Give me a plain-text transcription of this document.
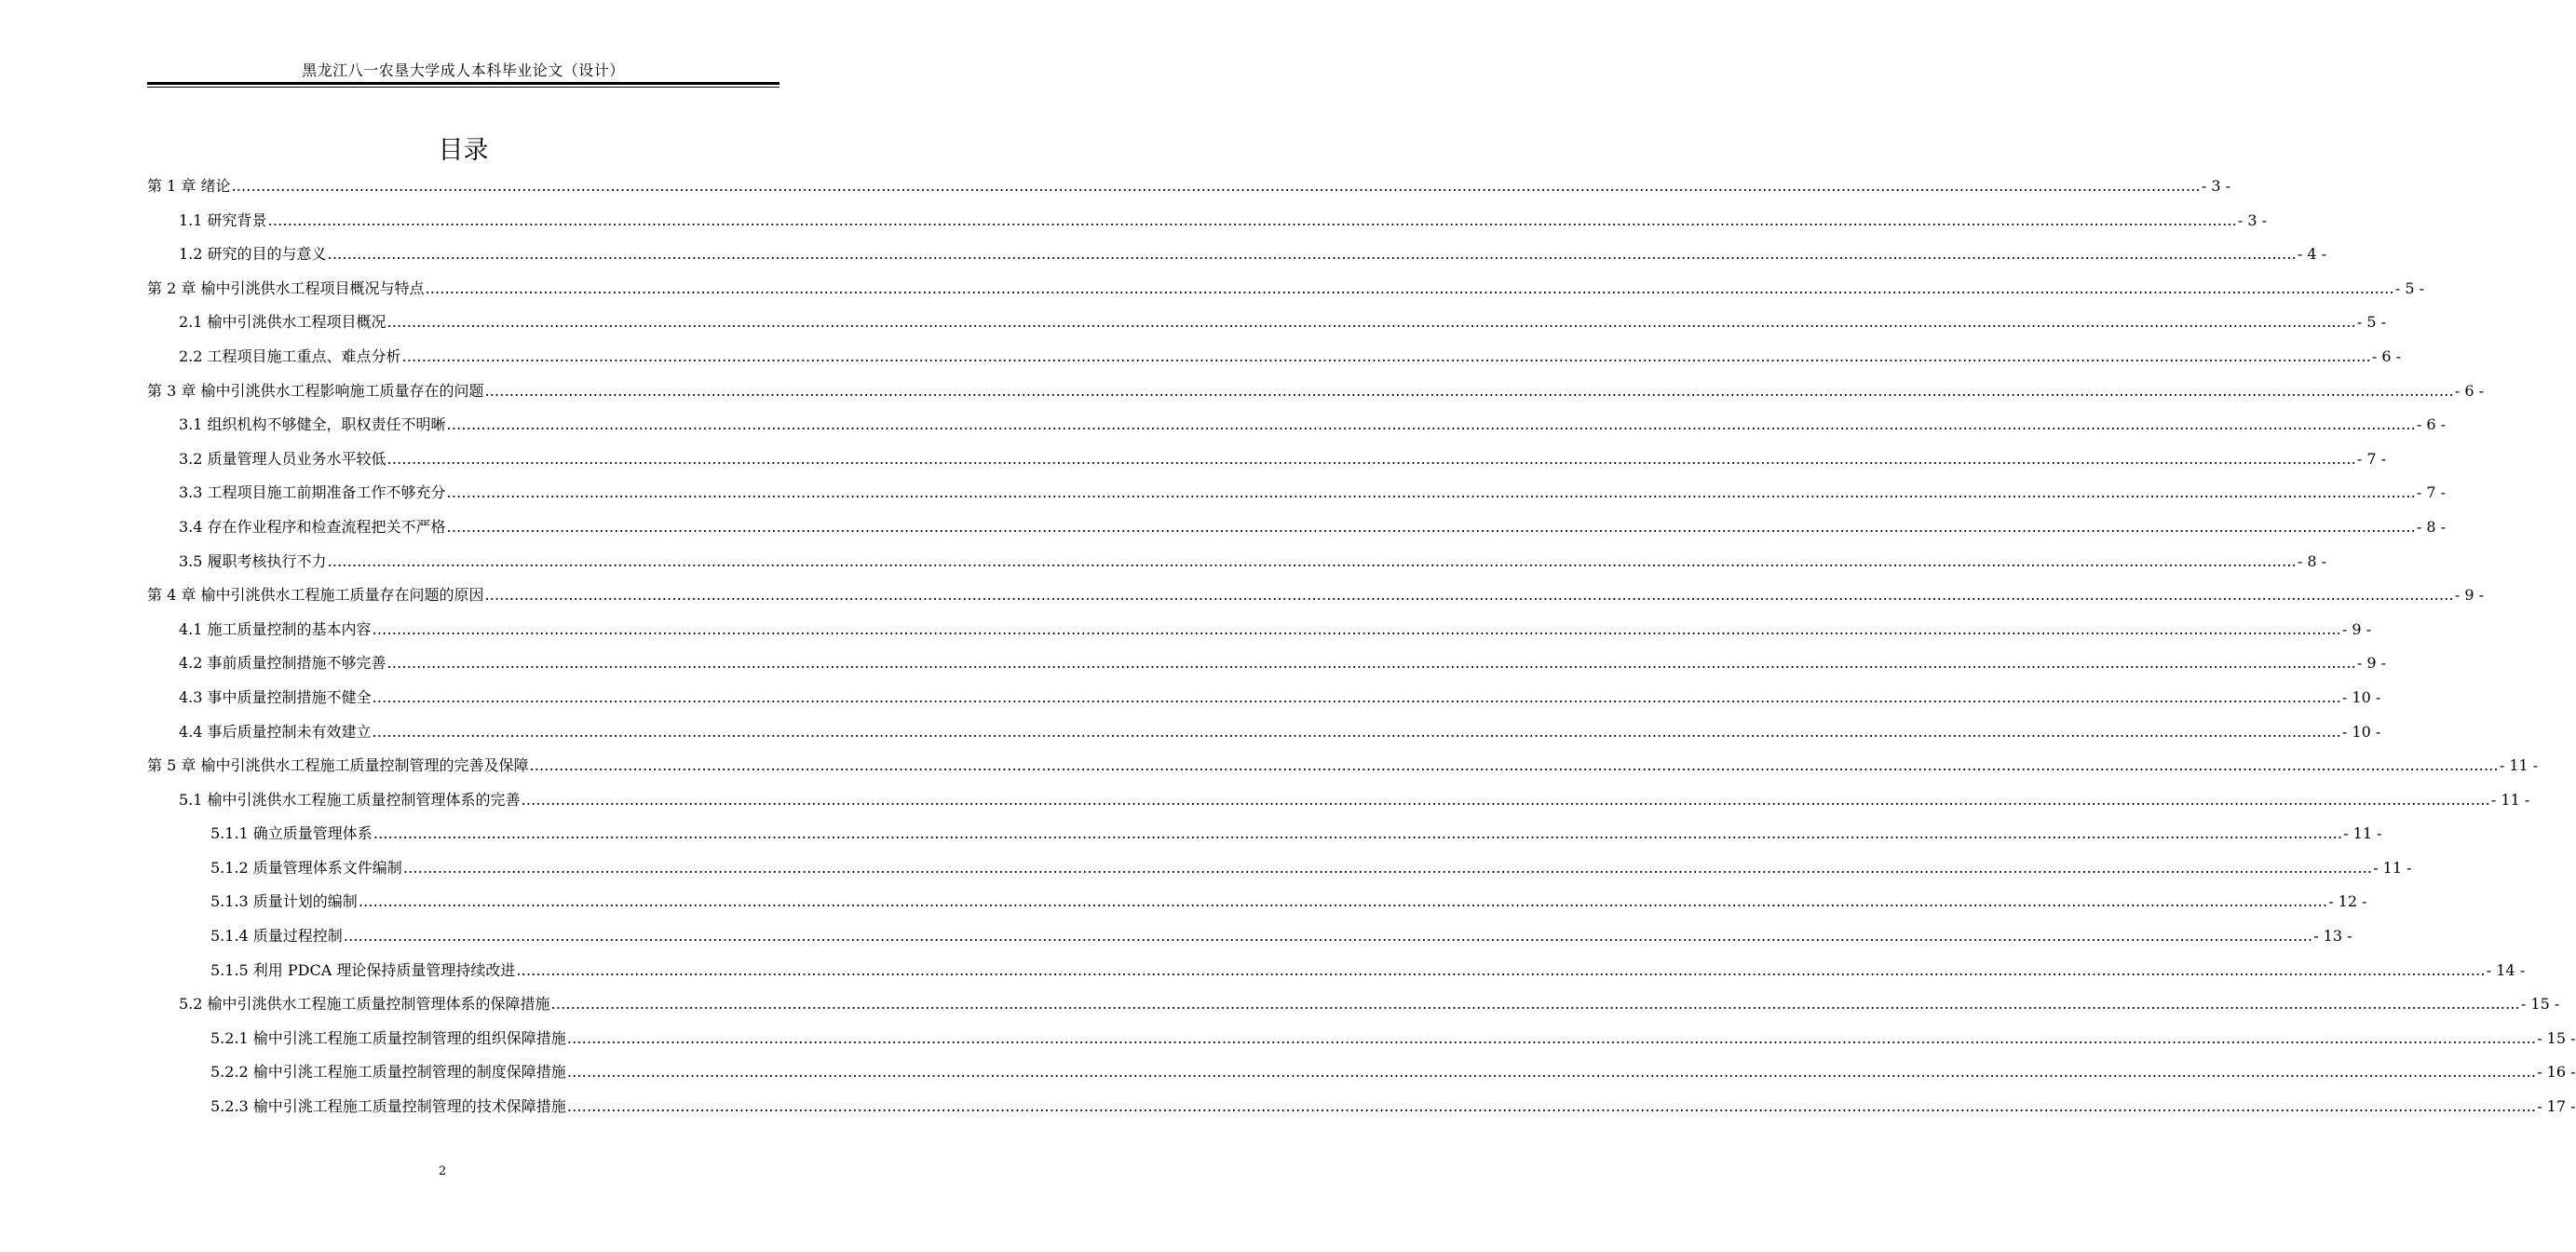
黑龙江八一农垦大学成人本科毕业论文（设计）
目录
第 1 章 绪论 ................................................................................................................................................................................................................................................................................................................................................................................................................ - 3 -
1.1 研究背景 ................................................................................................................................................................................................................................................................................................................................................................................................................ - 3 -
1.2 研究的目的与意义 ................................................................................................................................................................................................................................................................................................................................................................................................................ - 4 -
第 2 章 榆中引洮供水工程项目概况与特点 ................................................................................................................................................................................................................................................................................................................................................................................................................ - 5 -
2.1 榆中引洮供水工程项目概况 ................................................................................................................................................................................................................................................................................................................................................................................................................ - 5 -
2.2 工程项目施工重点、难点分析 ................................................................................................................................................................................................................................................................................................................................................................................................................ - 6 -
第 3 章 榆中引洮供水工程影响施工质量存在的问题 ................................................................................................................................................................................................................................................................................................................................................................................................................ - 6 -
3.1 组织机构不够健全，职权责任不明晰 ................................................................................................................................................................................................................................................................................................................................................................................................................ - 6 -
3.2 质量管理人员业务水平较低 ................................................................................................................................................................................................................................................................................................................................................................................................................ - 7 -
3.3 工程项目施工前期准备工作不够充分 ................................................................................................................................................................................................................................................................................................................................................................................................................ - 7 -
3.4 存在作业程序和检查流程把关不严格 ................................................................................................................................................................................................................................................................................................................................................................................................................ - 8 -
3.5 履职考核执行不力 ................................................................................................................................................................................................................................................................................................................................................................................................................ - 8 -
第 4 章 榆中引洮供水工程施工质量存在问题的原因 ................................................................................................................................................................................................................................................................................................................................................................................................................ - 9 -
4.1 施工质量控制的基本内容 ................................................................................................................................................................................................................................................................................................................................................................................................................ - 9 -
4.2 事前质量控制措施不够完善 ................................................................................................................................................................................................................................................................................................................................................................................................................ - 9 -
4.3 事中质量控制措施不健全 ................................................................................................................................................................................................................................................................................................................................................................................................................ - 10 -
4.4 事后质量控制未有效建立 ................................................................................................................................................................................................................................................................................................................................................................................................................ - 10 -
第 5 章 榆中引洮供水工程施工质量控制管理的完善及保障 ................................................................................................................................................................................................................................................................................................................................................................................................................ - 11 -
5.1 榆中引洮供水工程施工质量控制管理体系的完善 ................................................................................................................................................................................................................................................................................................................................................................................................................ - 11 -
5.1.1 确立质量管理体系 ................................................................................................................................................................................................................................................................................................................................................................................................................ - 11 -
5.1.2 质量管理体系文件编制 ................................................................................................................................................................................................................................................................................................................................................................................................................ - 11 -
5.1.3 质量计划的编制 ................................................................................................................................................................................................................................................................................................................................................................................................................ - 12 -
5.1.4 质量过程控制 ................................................................................................................................................................................................................................................................................................................................................................................................................ - 13 -
5.1.5 利用 PDCA 理论保持质量管理持续改进 ................................................................................................................................................................................................................................................................................................................................................................................................................ - 14 -
5.2 榆中引洮供水工程施工质量控制管理体系的保障措施 ................................................................................................................................................................................................................................................................................................................................................................................................................ - 15 -
5.2.1 榆中引洮工程施工质量控制管理的组织保障措施 ................................................................................................................................................................................................................................................................................................................................................................................................................ - 15 -
5.2.2 榆中引洮工程施工质量控制管理的制度保障措施 ................................................................................................................................................................................................................................................................................................................................................................................................................ - 16 -
5.2.3 榆中引洮工程施工质量控制管理的技术保障措施 ................................................................................................................................................................................................................................................................................................................................................................................................................ - 17 -
2
